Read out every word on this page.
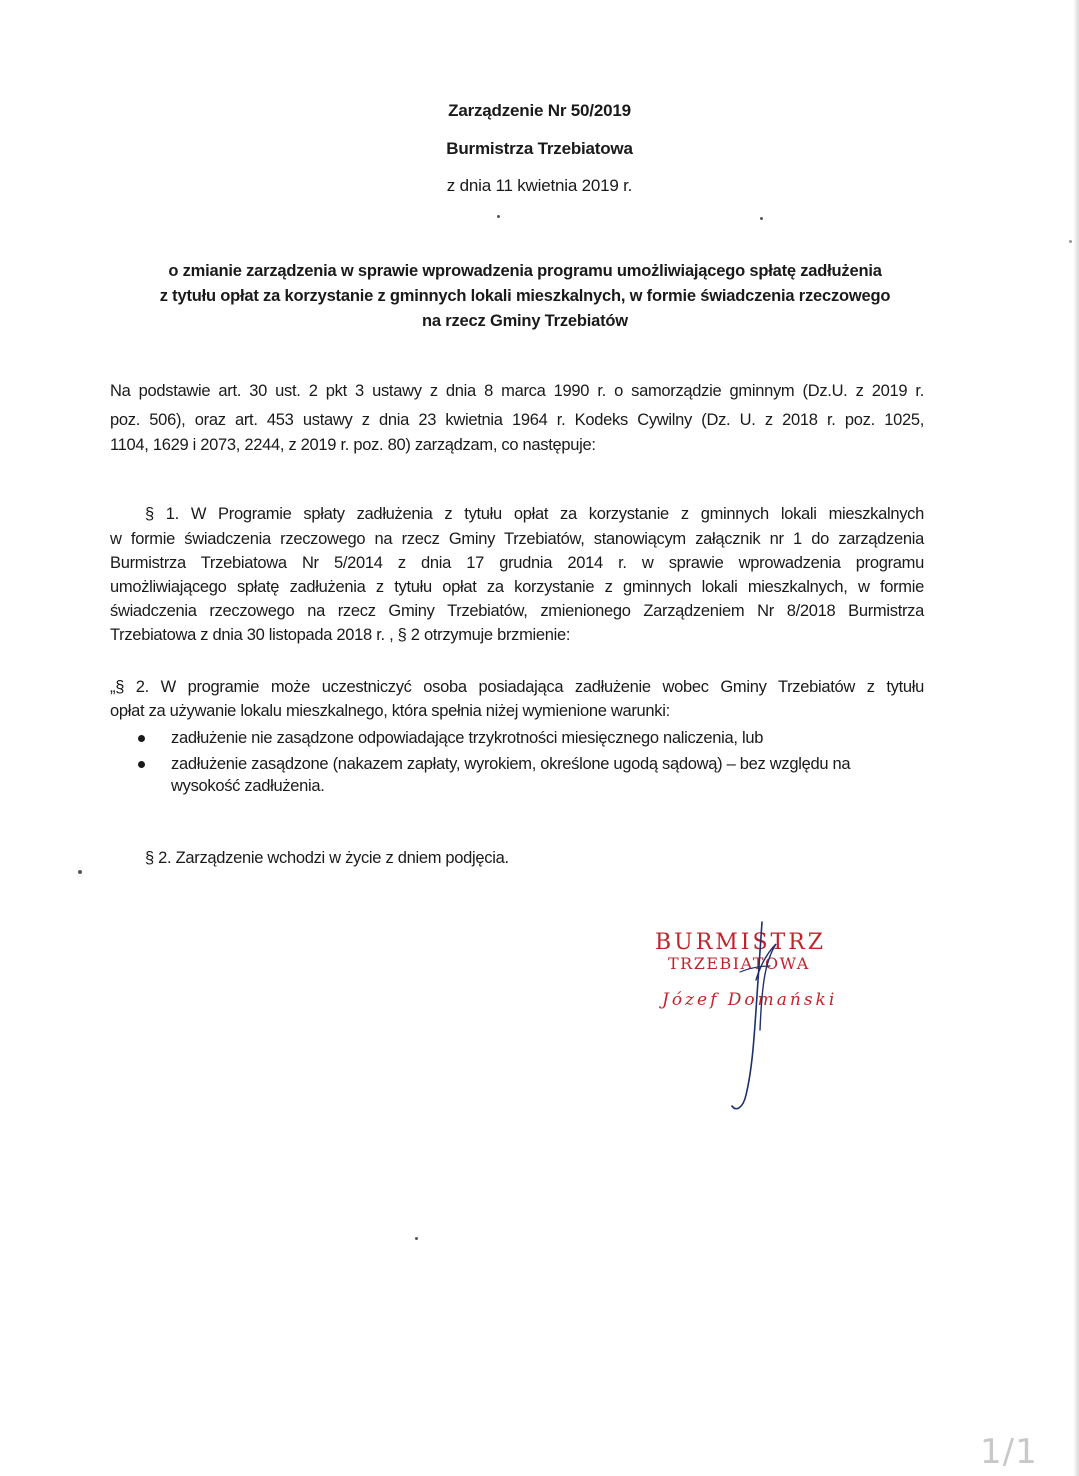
Zarządzenie Nr 50/2019
Burmistrza Trzebiatowa
z dnia 11 kwietnia 2019 r.
o zmianie zarządzenia w sprawie wprowadzenia programu umożliwiającego spłatę zadłużenia
z tytułu opłat za korzystanie z gminnych lokali mieszkalnych, w formie świadczenia rzeczowego
na rzecz Gminy Trzebiatów
Na podstawie art. 30 ust. 2 pkt 3 ustawy z dnia 8 marca 1990 r. o samorządzie gminnym (Dz.U. z 2019 r.
poz. 506), oraz art. 453 ustawy z dnia 23 kwietnia 1964 r. Kodeks Cywilny (Dz. U. z 2018 r. poz. 1025,
1104, 1629 i 2073, 2244, z 2019 r. poz. 80) zarządzam, co następuje:
§ 1. W Programie spłaty zadłużenia z tytułu opłat za korzystanie z gminnych lokali mieszkalnych
w formie świadczenia rzeczowego na rzecz Gminy Trzebiatów, stanowiącym załącznik nr 1 do zarządzenia
Burmistrza Trzebiatowa Nr 5/2014 z dnia 17 grudnia 2014 r. w sprawie wprowadzenia programu
umożliwiającego spłatę zadłużenia z tytułu opłat za korzystanie z gminnych lokali mieszkalnych, w formie
świadczenia rzeczowego na rzecz Gminy Trzebiatów, zmienionego Zarządzeniem Nr 8/2018 Burmistrza
Trzebiatowa z dnia 30 listopada 2018 r. , § 2 otrzymuje brzmienie:
„§ 2. W programie może uczestniczyć osoba posiadająca zadłużenie wobec Gminy Trzebiatów z tytułu
opłat za używanie lokalu mieszkalnego, która spełnia niżej wymienione warunki:
zadłużenie nie zasądzone odpowiadające trzykrotności miesięcznego naliczenia, lub
zadłużenie zasądzone (nakazem zapłaty, wyrokiem, określone ugodą sądową) – bez względu na
wysokość zadłużenia.
§ 2. Zarządzenie wchodzi w życie z dniem podjęcia.
BURMISTRZ
TRZEBIATOWA
Józef Domański
1/1
